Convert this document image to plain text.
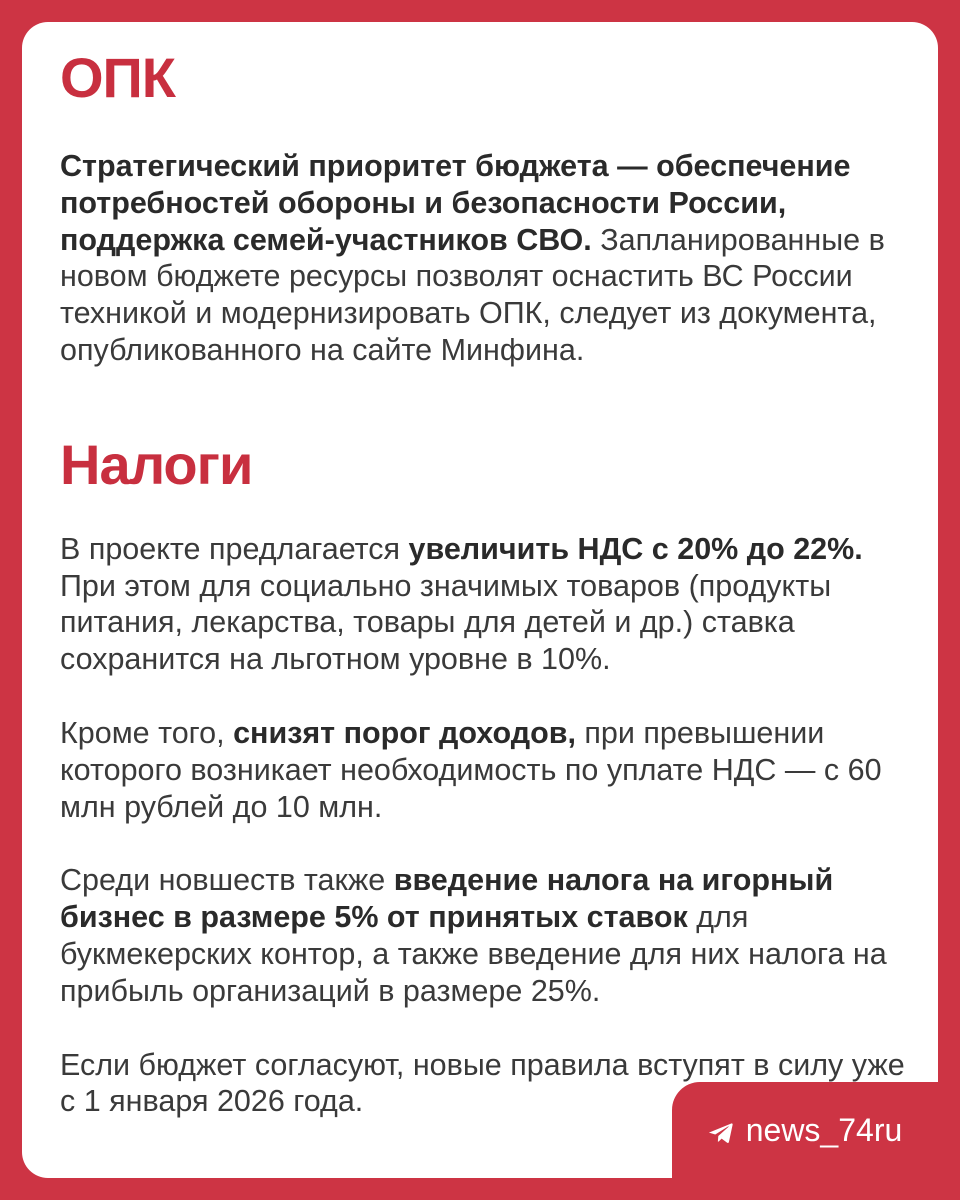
ОПК

Стратегический приоритет бюджета — обеспечение потребностей обороны и безопасности России, поддержка семей-участников СВО. Запланированные в новом бюджете ресурсы позволят оснастить ВС России техникой и модернизировать ОПК, следует из документа, опубликованного на сайте Минфина.

Налоги

В проекте предлагается увеличить НДС с 20% до 22%. При этом для социально значимых товаров (продукты питания, лекарства, товары для детей и др.) ставка сохранится на льготном уровне в 10%.

Кроме того, снизят порог доходов, при превышении которого возникает необходимость по уплате НДС — с 60 млн рублей до 10 млн.

Среди новшеств также введение налога на игорный бизнес в размере 5% от принятых ставок для букмекерских контор, а также введение для них налога на прибыль организаций в размере 25%.

Если бюджет согласуют, новые правила вступят в силу уже с 1 января 2026 года.

news_74ru
